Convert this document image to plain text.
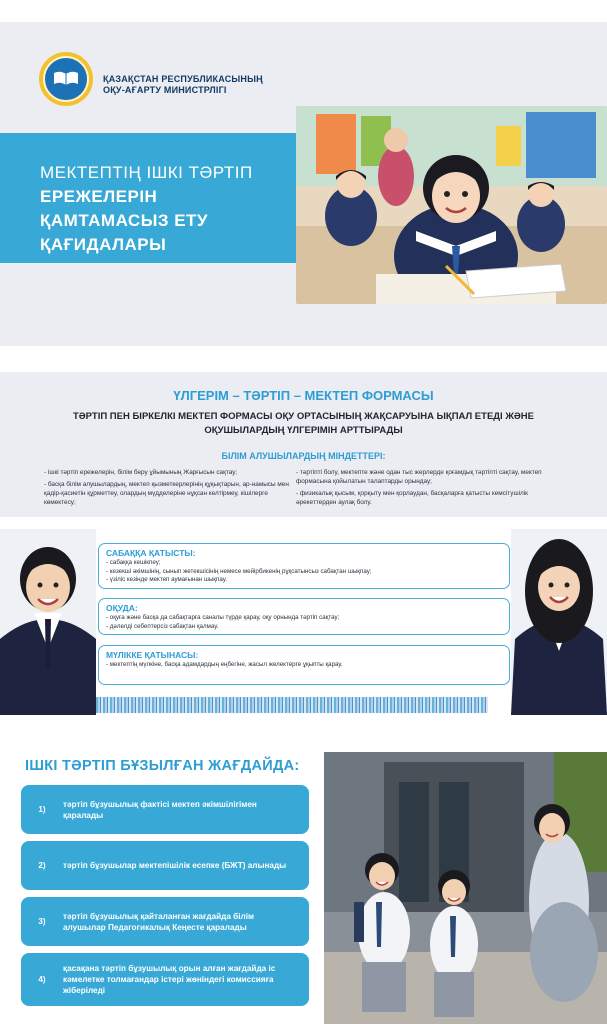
ҚАЗАҚСТАН РЕСПУБЛИКАСЫНЫҢ
ОҚУ-АҒАРТУ МИНИСТРЛІГІ
МЕКТЕПТІҢ ІШКІ ТӘРТІП
ЕРЕЖЕЛЕРІН
ҚАМТАМАСЫЗ ЕТУ
ҚАҒИДАЛАРЫ
ҮЛГЕРІМ – ТӘРТІП – МЕКТЕП ФОРМАСЫ
ТӘРТІП ПЕН БІРКЕЛКІ МЕКТЕП ФОРМАСЫ ОҚУ ОРТАСЫНЫҢ ЖАҚСАРУЫНА ЫҚПАЛ ЕТЕДІ ЖӘНЕ ОҚУШЫЛАРДЫҢ ҮЛГЕРІМІН АРТТЫРАДЫ
БІЛІМ АЛУШЫЛАРДЫҢ МІНДЕТТЕРІ:

- ішкі тәртіп ережелерін, білім беру ұйымының Жарғысын сақтау;

- басқа білім алушылардың, мектеп қызметкерлерінің құқықтарын, ар-намысы мен қадір-қасиетін құрметтеу, олардың мүдделеріне нұқсан келтірмеу, кішілерге көмектесу;

- тәртіпті болу, мектепте және одан тыс жерлерде қоғамдық тәртіпті сақтау, мектеп формасына қойылатын талаптарды орындау;

- физикалық қысым, қорқыту мен қорлаудан, басқаларға қатысты кемсітушілік әрекеттерден аулақ болу.

САБАҚҚА ҚАТЫСТЫ:
- сабаққа кешікпеу;
- кезекші әкімшінің, сынып жетекшісінің немесе мейірбикенің рұқсатынсыз сабақтан шықпау;
- үзіліс кезінде мектеп аумағынан шықпау.
ОҚУДА:
- оқуға және басқа да сабақтарға саналы түрде қарау, оқу орнында тәртіп сақтау;
- дәлелді себептерсіз сабақтан қалмау.
МҮЛІККЕ ҚАТЫНАСЫ:
- мектептің мүлкіне, басқа адамдардың еңбегіне, жасыл желектерге ұқыпты қарау.
ІШКІ ТӘРТІП БҰЗЫЛҒАН ЖАҒДАЙДА:
1)
тәртіп бұзушылық фактісі мектеп әкімшілігімен қаралады
2)	тәртіп бұзушылар мектепішілік есепке (БЖТ) алынады
3)
тәртіп бұзушылық қайталанған жағдайда білім алушылар Педагогикалық Кеңесте қаралады
4)
қасақана тәртіп бұзушылық орын алған жағдайда іс кәмелетке толмағандар істері жөніндегі комиссияға жіберіледі
